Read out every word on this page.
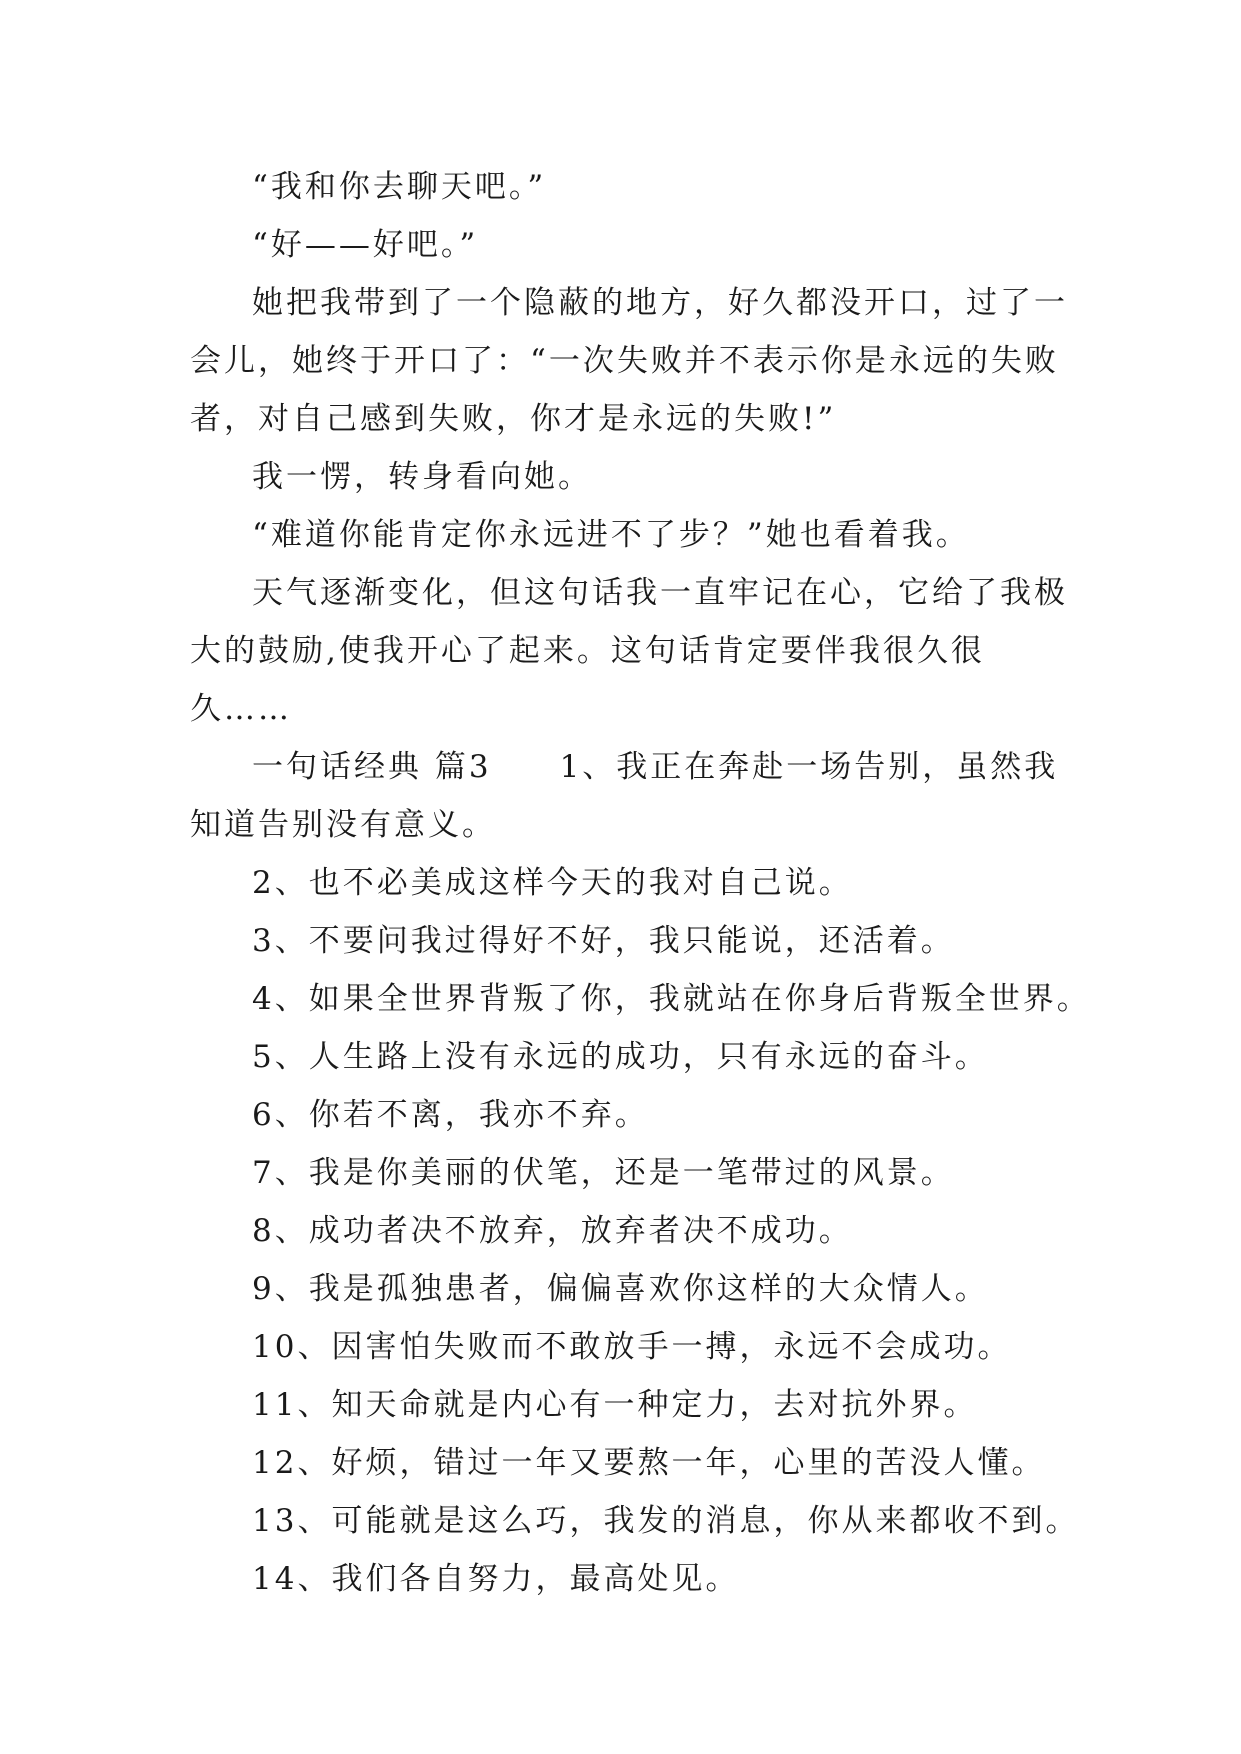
“我和你去聊天吧。”

“好——好吧。”

她把我带到了一个隐蔽的地方，好久都没开口，过了一会儿，她终于开口了：“一次失败并不表示你是永远的失败者，对自己感到失败，你才是永远的失败!”

我一愣，转身看向她。

“难道你能肯定你永远进不了步？”她也看着我。

天气逐渐变化，但这句话我一直牢记在心，它给了我极大的鼓励,使我开心了起来。这句话肯定要伴我很久很久……

一句话经典 篇3　　1、我正在奔赴一场告别，虽然我知道告别没有意义。

2、也不必美成这样今天的我对自己说。

3、不要问我过得好不好，我只能说，还活着。

4、如果全世界背叛了你，我就站在你身后背叛全世界。

5、人生路上没有永远的成功，只有永远的奋斗。

6、你若不离，我亦不弃。

7、我是你美丽的伏笔，还是一笔带过的风景。

8、成功者决不放弃，放弃者决不成功。

9、我是孤独患者，偏偏喜欢你这样的大众情人。

10、因害怕失败而不敢放手一搏，永远不会成功。

11、知天命就是内心有一种定力，去对抗外界。

12、好烦，错过一年又要熬一年，心里的苦没人懂。

13、可能就是这么巧，我发的消息，你从来都收不到。

14、我们各自努力，最高处见。
